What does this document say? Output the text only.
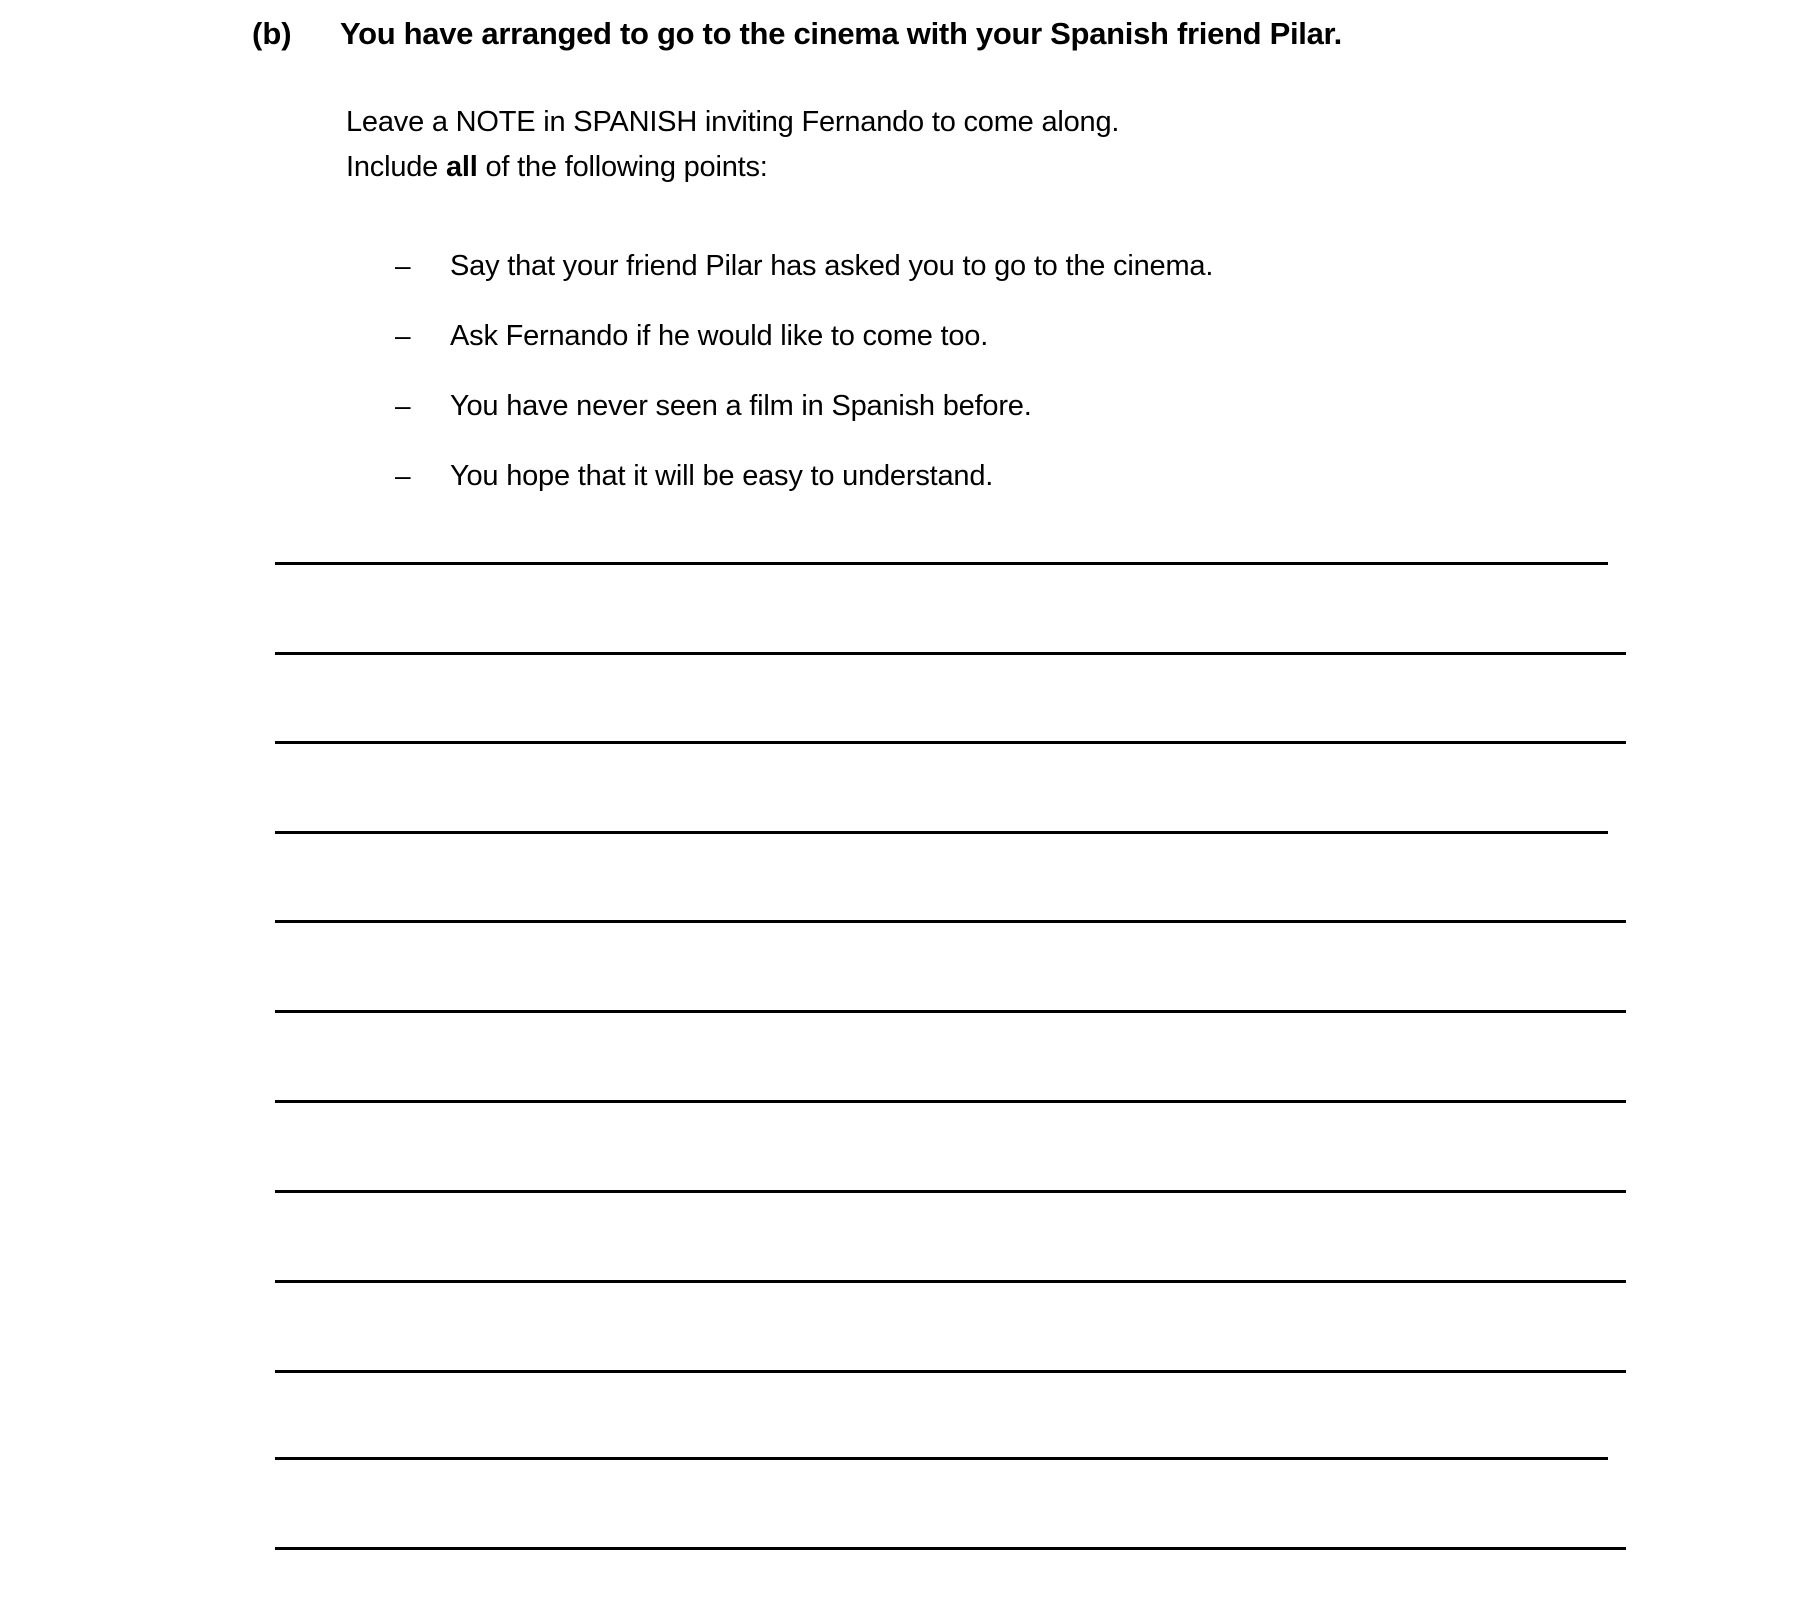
(b) You have arranged to go to the cinema with your Spanish friend Pilar.
Leave a NOTE in SPANISH inviting Fernando to come along.
Include all of the following points:
– Say that your friend Pilar has asked you to go to the cinema.
– Ask Fernando if he would like to come too.
– You have never seen a film in Spanish before.
– You hope that it will be easy to understand.
